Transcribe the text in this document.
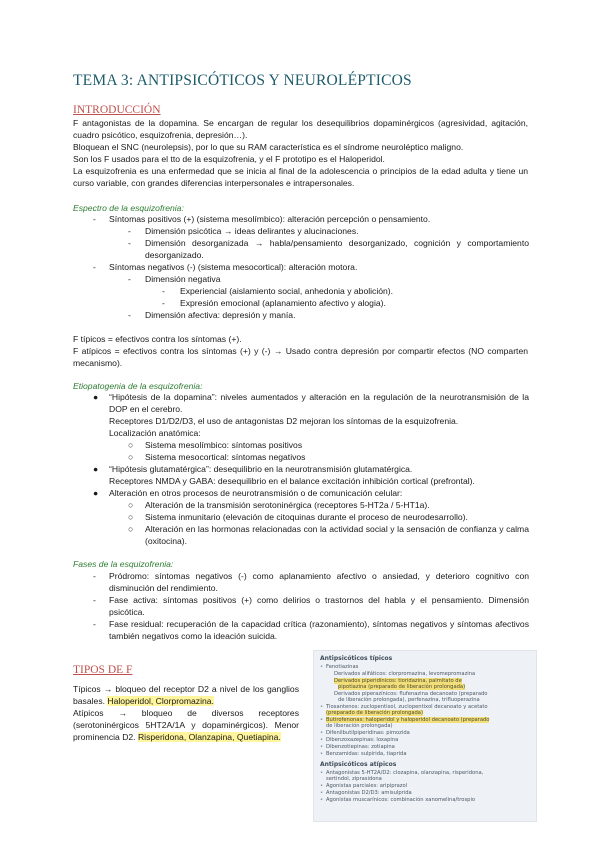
TEMA 3: ANTIPSICÓTICOS Y NEUROLÉPTICOS
INTRODUCCIÓN

F antagonistas de la dopamina. Se encargan de regular los desequilibrios dopaminérgicos (agresividad, agitación, cuadro psicótico, esquizofrenia, depresión…).

Bloquean el SNC (neurolepsis), por lo que su RAM característica es el síndrome neuroléptico maligno.

Son los F usados para el tto de la esquizofrenia, y el F prototipo es el Haloperidol.

La esquizofrenia es una enfermedad que se inicia al final de la adolescencia o principios de la edad adulta y tiene un curso variable, con grandes diferencias interpersonales e intrapersonales.

Espectro de la esquizofrenia:
- Síntomas positivos (+) (sistema mesolímbico): alteración percepción o pensamiento.

- Dimensión psicótica → ideas delirantes y alucinaciones.

- Dimensión desorganizada → habla/pensamiento desorganizado, cognición y comportamiento desorganizado.

- Síntomas negativos (-) (sistema mesocortical): alteración motora.

- Dimensión negativa

- Experiencial (aislamiento social, anhedonia y abolición).

- Expresión emocional (aplanamiento afectivo y alogia).

- Dimensión afectiva: depresión y manía.

F típicos = efectivos contra los síntomas (+).

F atípicos = efectivos contra los síntomas (+) y (-) → Usado contra depresión por compartir efectos (NO comparten mecanismo).

Etiopatogenia de la esquizofrenia:
● “Hipótesis de la dopamina”: niveles aumentados y alteración en la regulación de la neurotransmisión de la DOP en el cerebro.

Receptores D1/D2/D3, el uso de antagonistas D2 mejoran los síntomas de la esquizofrenia.

Localización anatómica:

○ Sistema mesolímbico: síntomas positivos

○ Sistema mesocortical: síntomas negativos

● “Hipótesis glutamatérgica”: desequilibrio en la neurotransmisión glutamatérgica.

Receptores NMDA y GABA: desequilibrio en el balance excitación inhibición cortical (prefrontal).

● Alteración en otros procesos de neurotransmisión o de comunicación celular:

○ Alteración de la transmisión serotoninérgica (receptores 5-HT2a / 5-HT1a).

○ Sistema inmunitario (elevación de citoquinas durante el proceso de neurodesarrollo).

○ Alteración en las hormonas relacionadas con la actividad social y la sensación de confianza y calma (oxitocina).

Fases de la esquizofrenia:
- Pródromo: síntomas negativos (-) como aplanamiento afectivo o ansiedad, y deterioro cognitivo con disminución del rendimiento.

- Fase activa: síntomas positivos (+) como delirios o trastornos del habla y el pensamiento. Dimensión psicótica.

- Fase residual: recuperación de la capacidad crítica (razonamiento), síntomas negativos y síntomas afectivos también negativos como la ideación suicida.

TIPOS DE F

Típicos → bloqueo del receptor D2 a nivel de los ganglios basales. Haloperidol, Clorpromazina.

Atípicos → bloqueo de diversos receptores (serotoninérgicos 5HT2A/1A y dopaminérgicos). Menor prominencia D2. Risperidona, Olanzapina, Quetiapina.

Antipsicóticos típicos
• Fenotiazinas
Derivados alifáticos: clorpromazina, levomepromazina
Derivados piperidínicos: tioridazina, palmitato de
pipotiazina (preparado de liberación prolongada)
Derivados piperazínicos: flufenazina decanoato (preparado
de liberación prolongada), perfenazina, trifluoperazina
• Tioxantenos: zuclopentixol, zuclopentixol decanoato y acetato
(preparado de liberación prolongada)
• Butirofenonas: haloperidol y haloperidol decanoato (preparado
de liberación prolongada)
• Difenilbutilpiperidinas: pimozida
• Dibenzoxazepinas: loxapina
• Dibenzotiepinas: zotiapina
• Benzamidas: sulpirida, tiaprida
Antipsicóticos atípicos
• Antagonistas 5-HT2A/D2: clozapina, olanzapina, risperidona,
sertindol, ziprasidona
• Agonistas parciales: aripiprazol
• Antagonistas D2/D3: amisulprida
• Agonistas muscarínicos: combinación xanomelina/trospio
